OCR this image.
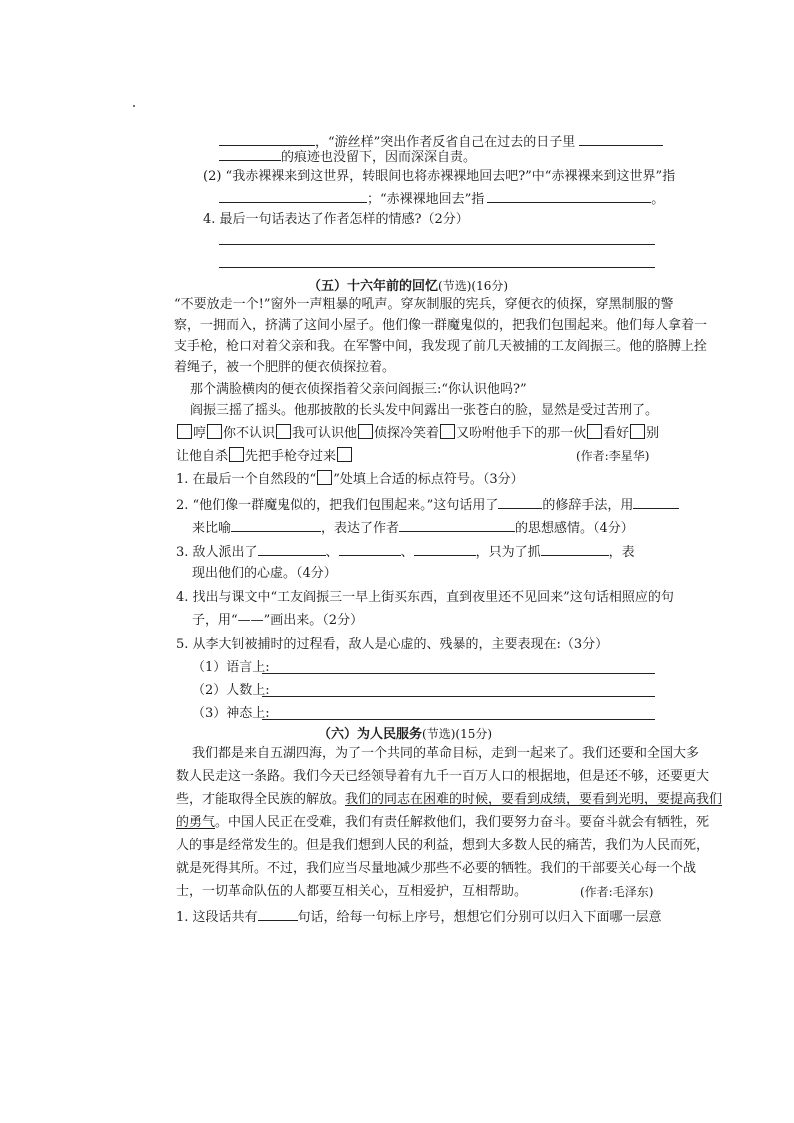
，“游丝样”突出作者反省自己在过去的日子里
的痕迹也没留下，因而深深自责。
(2) “我赤裸裸来到这世界，转眼间也将赤裸裸地回去吧?”中“赤裸裸来到这世界”指
；“赤裸裸地回去”指	。
4. 最后一句话表达了作者怎样的情感?（2分）
（五）十六年前的回忆(节选)(16分)
“不要放走一个!”窗外一声粗暴的吼声。穿灰制服的宪兵，穿便衣的侦探，穿黑制服的警
察，一拥而入，挤满了这间小屋子。他们像一群魔鬼似的，把我们包围起来。他们每人拿着一
支手枪，枪口对着父亲和我。在军警中间，我发现了前几天被捕的工友阎振三。他的胳膊上拴
着绳子，被一个肥胖的便衣侦探拉着。
那个满脸横肉的便衣侦探指着父亲问阎振三:“你认识他吗?”
阎振三摇了摇头。他那披散的长头发中间露出一张苍白的脸，显然是受过苦刑了。
哼 你不认识 我可认识他 侦探冷笑着 又吩咐他手下的那一伙 看好 别
让他自杀 先把手枪夺过来	(作者:李星华)
1. 在最后一个自然段的“ ”处填上合适的标点符号。（3分）
2. “他们像一群魔鬼似的，把我们包围起来。”这句话用了	的修辞手法，用
来比喻	，表达了作者	的思想感情。（4分）
3. 敌人派出了	、	、	，只为了抓	，表
现出他们的心虚。（4分）
4. 找出与课文中“工友阎振三一早上街买东西，直到夜里还不见回来”这句话相照应的句
子，用“——”画出来。（2分）
5. 从李大钊被捕时的过程看，敌人是心虚的、残暴的，主要表现在:（3分）
（1）语言上:
（2）人数上:
（3）神态上:
（六）为人民服务(节选)(15分)
我们都是来自五湖四海，为了一个共同的革命目标，走到一起来了。我们还要和全国大多
数人民走这一条路。我们今天已经领导着有九千一百万人口的根据地，但是还不够，还要更大
些，才能取得全民族的解放。我们的同志在困难的时候，要看到成绩，要看到光明，要提高我们
的勇气。中国人民正在受难，我们有责任解救他们，我们要努力奋斗。要奋斗就会有牺牲，死
人的事是经常发生的。但是我们想到人民的利益，想到大多数人民的痛苦，我们为人民而死，
就是死得其所。不过，我们应当尽量地减少那些不必要的牺牲。我们的干部要关心每一个战
士，一切革命队伍的人都要互相关心，互相爱护，互相帮助。	(作者:毛泽东)
1. 这段话共有	句话，给每一句标上序号，想想它们分别可以归入下面哪一层意
